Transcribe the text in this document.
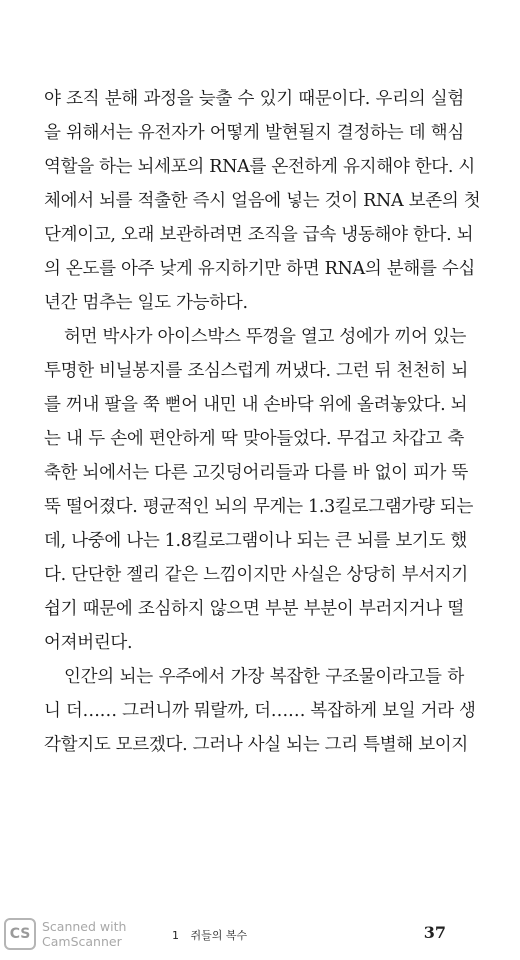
야 조직 분해 과정을 늦출 수 있기 때문이다. 우리의 실험
을 위해서는 유전자가 어떻게 발현될지 결정하는 데 핵심
역할을 하는 뇌세포의 RNA를 온전하게 유지해야 한다. 시
체에서 뇌를 적출한 즉시 얼음에 넣는 것이 RNA 보존의 첫
단계이고, 오래 보관하려면 조직을 급속 냉동해야 한다. 뇌
의 온도를 아주 낮게 유지하기만 하면 RNA의 분해를 수십
년간 멈추는 일도 가능하다.
허먼 박사가 아이스박스 뚜껑을 열고 성에가 끼어 있는
투명한 비닐봉지를 조심스럽게 꺼냈다. 그런 뒤 천천히 뇌
를 꺼내 팔을 쭉 뻗어 내민 내 손바닥 위에 올려놓았다. 뇌
는 내 두 손에 편안하게 딱 맞아들었다. 무겁고 차갑고 축
축한 뇌에서는 다른 고깃덩어리들과 다를 바 없이 피가 뚝
뚝 떨어졌다. 평균적인 뇌의 무게는 1.3킬로그램가량 되는
데, 나중에 나는 1.8킬로그램이나 되는 큰 뇌를 보기도 했
다. 단단한 젤리 같은 느낌이지만 사실은 상당히 부서지기
쉽기 때문에 조심하지 않으면 부분 부분이 부러지거나 떨
어져버린다.
인간의 뇌는 우주에서 가장 복잡한 구조물이라고들 하
니 더…… 그러니까 뭐랄까, 더…… 복잡하게 보일 거라 생
각할지도 모르겠다. 그러나 사실 뇌는 그리 특별해 보이지
CS Scanned with
CamScanner	1 쥐들의 복수	37
